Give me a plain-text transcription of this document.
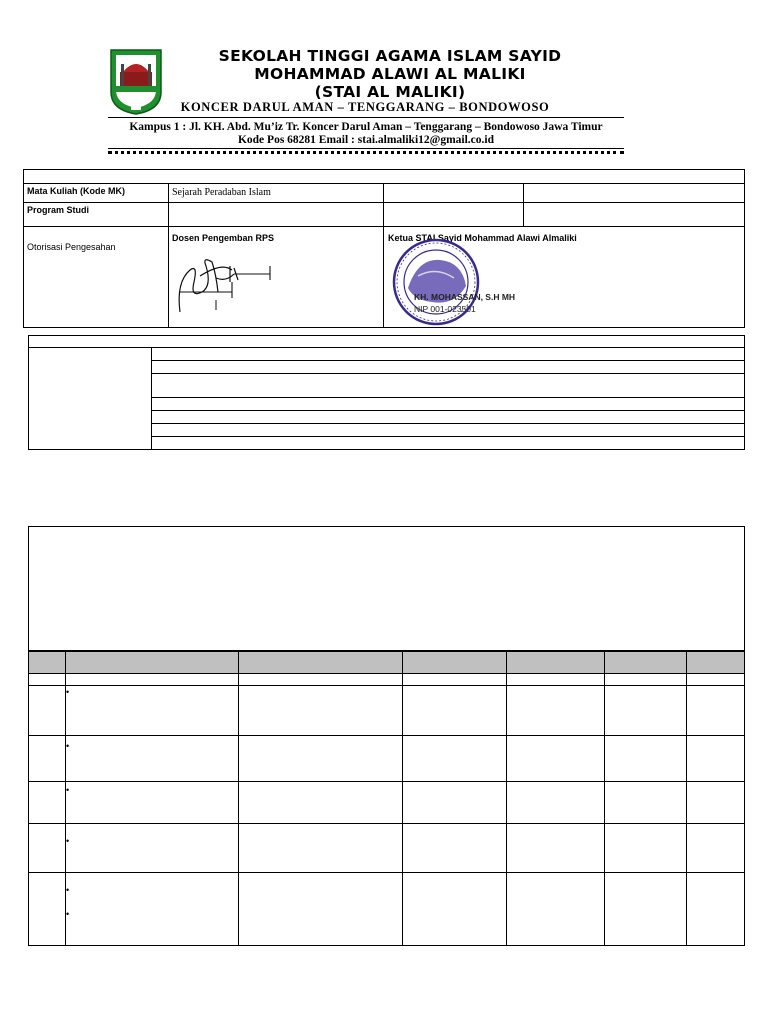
SEKOLAH TINGGI AGAMA ISLAM SAYID
MOHAMMAD ALAWI AL MALIKI
(STAI AL MALIKI)
KONCER DARUL AMAN – TENGGARANG – BONDOWOSO
Kampus 1 : Jl. KH. Abd. Mu’iz Tr. Koncer Darul Aman – Tenggarang – Bondowoso Jawa Timur
Kode Pos 68281 Email : stai.almaliki12@gmail.co.id
Mata Kuliah (Kode MK)	Sejarah Peradaban Islam
Program Studi
Otorisasi Pengesahan
Dosen Pengemban RPS	Ketua STAI Sayid Mohammad Alawi Almaliki
KH. MOHASSAN, S.H MH
NIP 001-023501
•
•
•
•
•
•
